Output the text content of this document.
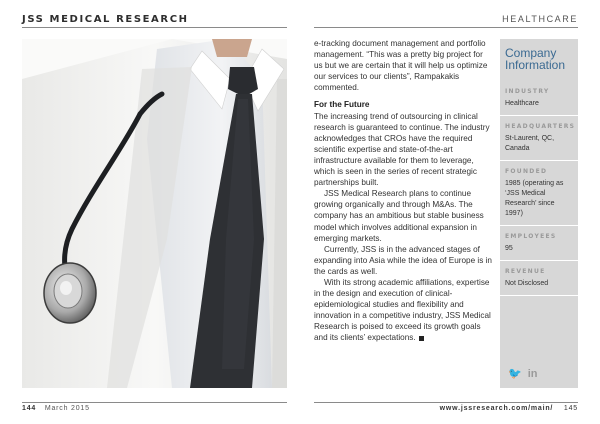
JSS MEDICAL RESEARCH	HEALTHCARE

e-tracking document management and portfolio management. “This was a pretty big project for us but we are certain that it will help us optimize our services to our clients”, Rampakakis commented.

For the Future

The increasing trend of outsourcing in clinical research is guaranteed to continue. The industry acknowledges that CROs have the required scientific expertise and state-of-the-art infrastructure available for them to leverage, which is seen in the series of recent strategic partnerships built.

JSS Medical Research plans to continue growing organically and through M&As. The company has an ambitious but stable business model which involves additional expansion in emerging markets.

Currently, JSS is in the advanced stages of expanding into Asia while the idea of Europe is in the cards as well.

With its strong academic affiliations, expertise in the design and execution of clinical-epidemiological studies and flexibility and innovation in a competitive industry, JSS Medical Research is poised to exceed its growth goals and its clients’ expectations.

Company Information
INDUSTRY
Healthcare
HEADQUARTERS
St-Laurent, QC, Canada
FOUNDED
1985 (operating as ‘JSS Medical Research’ since 1997)
EMPLOYEES
95
REVENUE
Not Disclosed
🐦 in
144 March 2015	www.jssresearch.com/main/ 145
